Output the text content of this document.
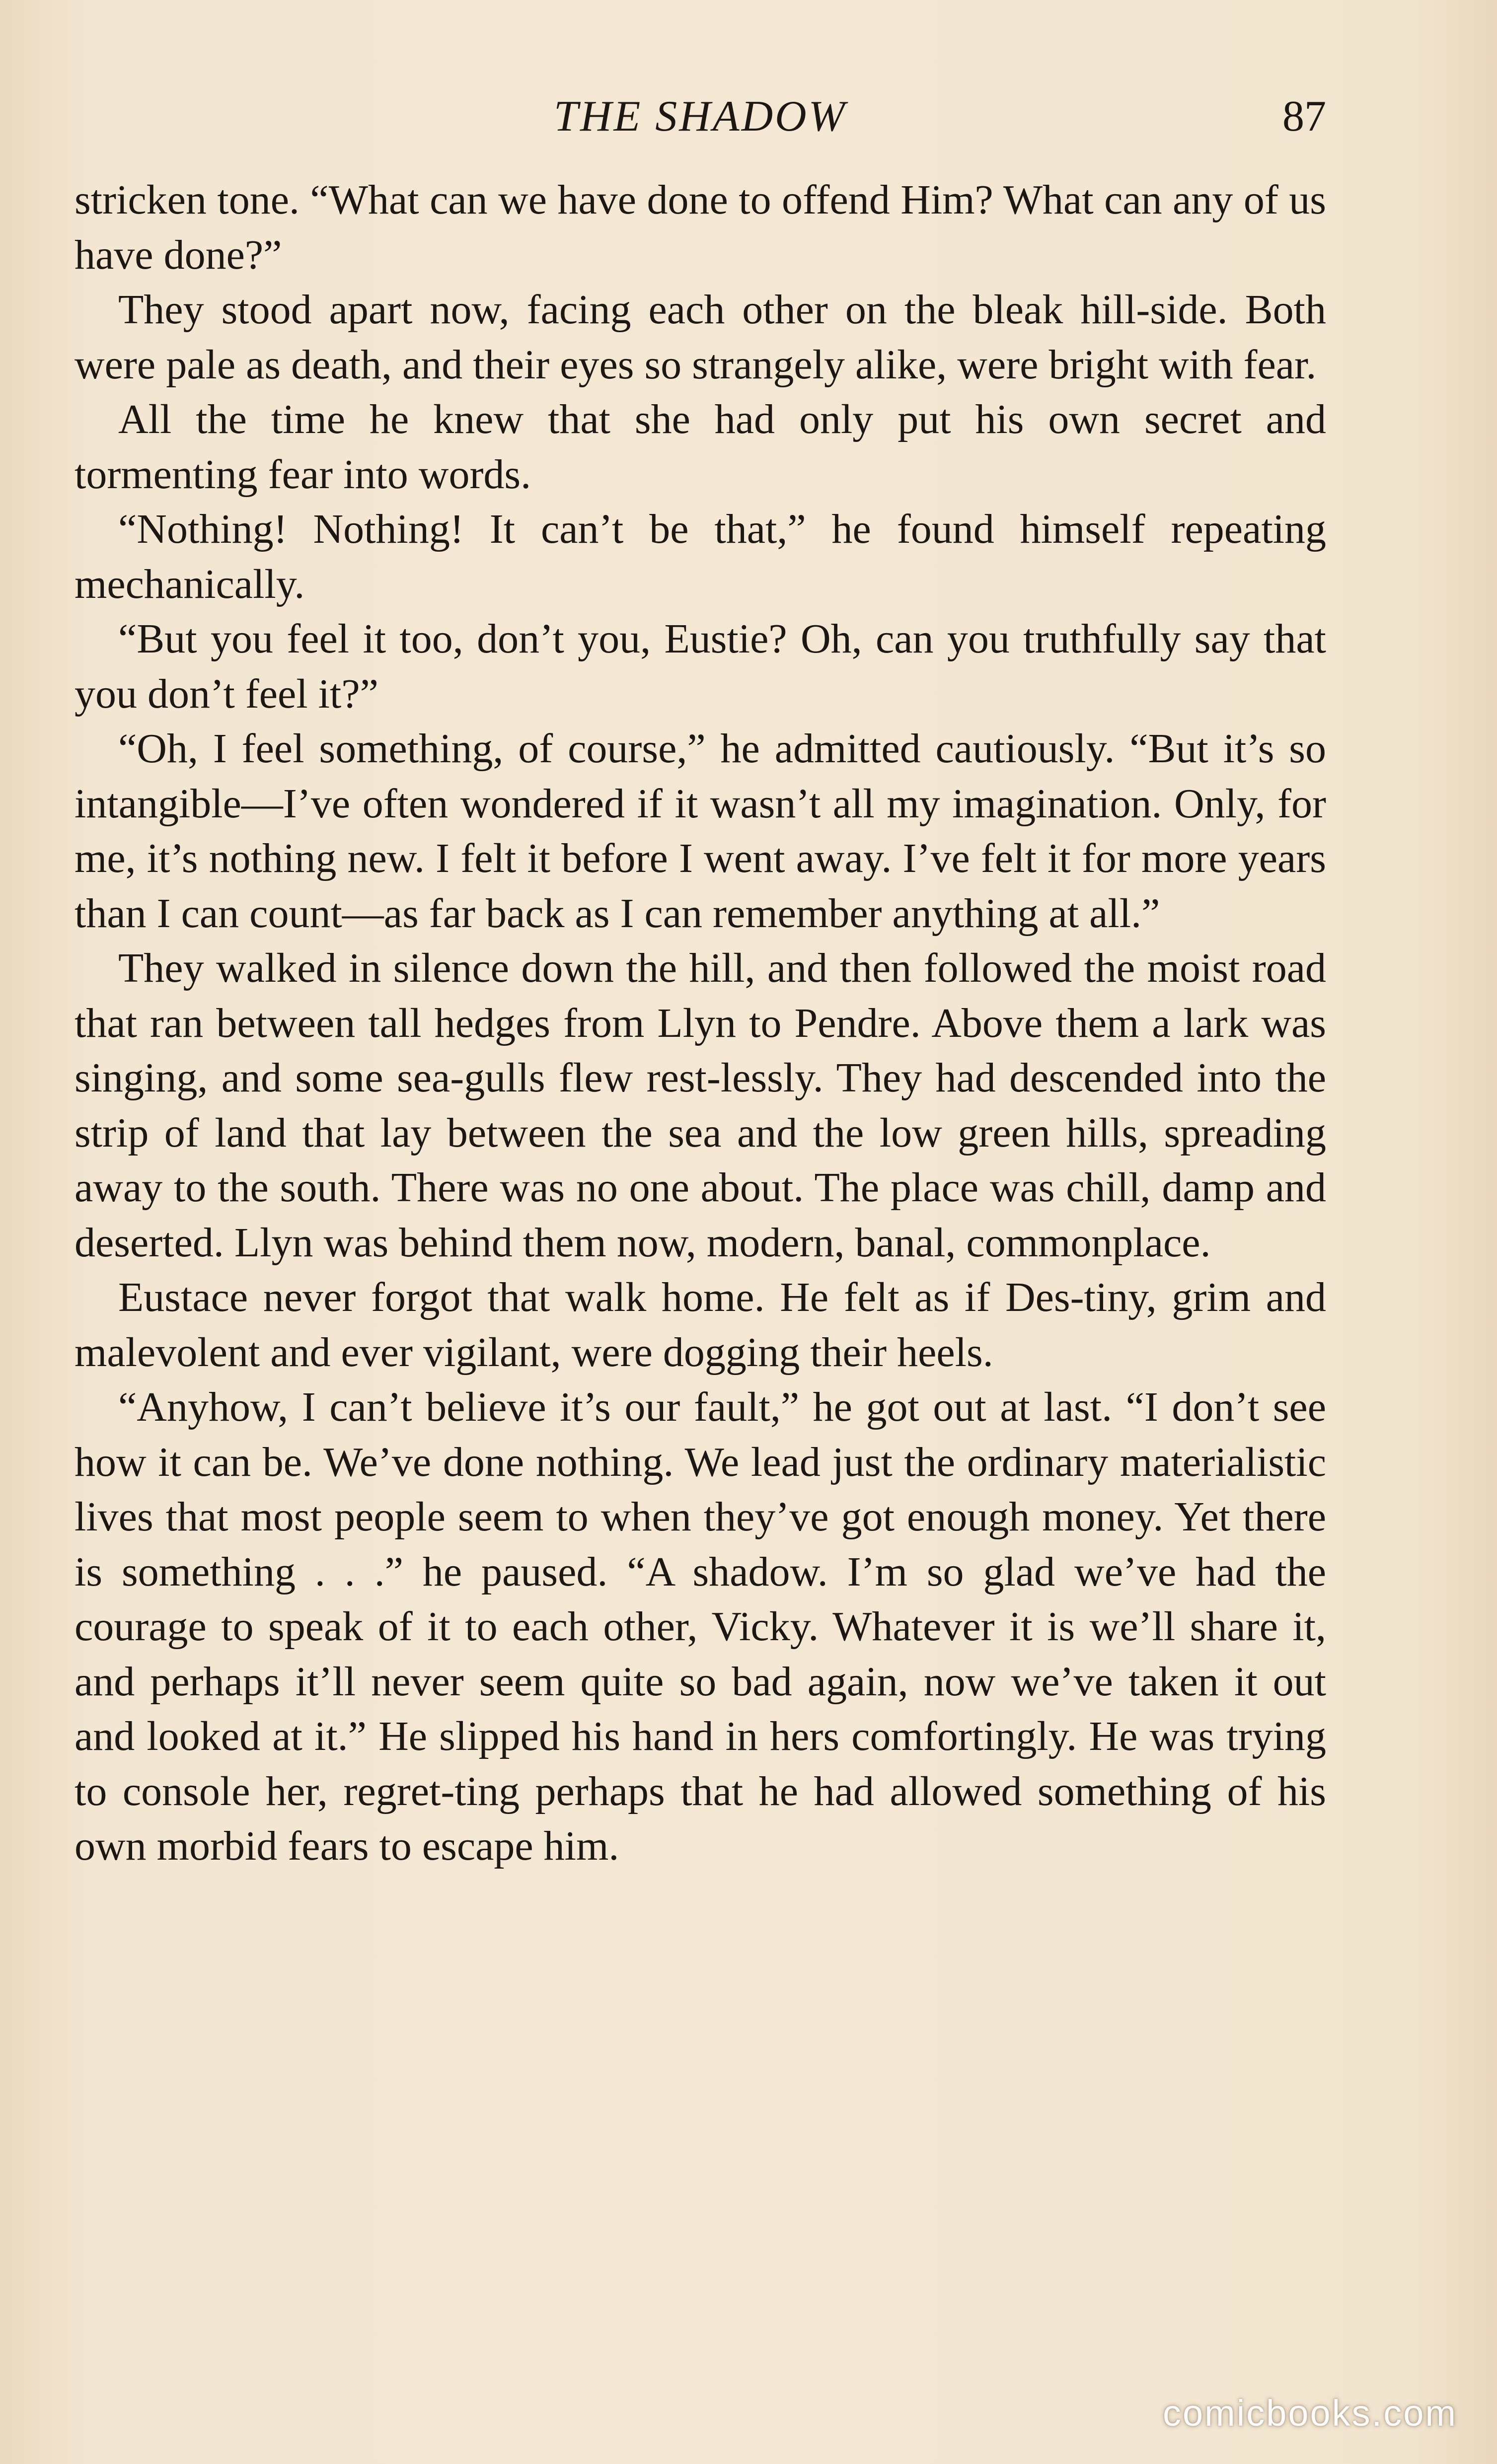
THE SHADOW	87

stricken tone. “What can we have done to offend Him? What can any of us have done?”

They stood apart now, facing each other on the bleak hill-side. Both were pale as death, and their eyes so strangely alike, were bright with fear.

All the time he knew that she had only put his own secret and tormenting fear into words.

“Nothing! Nothing! It can’t be that,” he found himself repeating mechanically.

“But you feel it too, don’t you, Eustie? Oh, can you truthfully say that you don’t feel it?”

“Oh, I feel something, of course,” he admitted cautiously. “But it’s so intangible—I’ve often wondered if it wasn’t all my imagination. Only, for me, it’s nothing new. I felt it before I went away. I’ve felt it for more years than I can count—as far back as I can remember anything at all.”

They walked in silence down the hill, and then followed the moist road that ran between tall hedges from Llyn to Pendre. Above them a lark was singing, and some sea-gulls flew rest-lessly. They had descended into the strip of land that lay between the sea and the low green hills, spreading away to the south. There was no one about. The place was chill, damp and deserted. Llyn was behind them now, modern, banal, commonplace.

Eustace never forgot that walk home. He felt as if Des-tiny, grim and malevolent and ever vigilant, were dogging their heels.

“Anyhow, I can’t believe it’s our fault,” he got out at last. “I don’t see how it can be. We’ve done nothing. We lead just the ordinary materialistic lives that most people seem to when they’ve got enough money. Yet there is something . . .” he paused. “A shadow. I’m so glad we’ve had the courage to speak of it to each other, Vicky. Whatever it is we’ll share it, and perhaps it’ll never seem quite so bad again, now we’ve taken it out and looked at it.” He slipped his hand in hers comfortingly. He was trying to console her, regret-ting perhaps that he had allowed something of his own morbid fears to escape him.

comicbooks.com
